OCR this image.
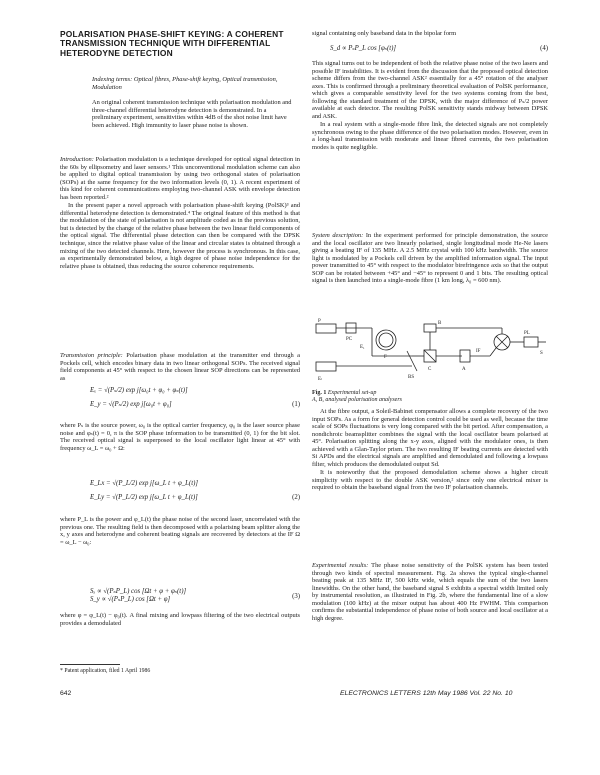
POLARISATION PHASE-SHIFT KEYING: A COHERENT TRANSMISSION TECHNIQUE WITH DIFFERENTIAL HETERODYNE DETECTION
Indexing terms: Optical fibres, Phase-shift keying, Optical transmission, Modulation
An original coherent transmission technique with polarisation modulation and three-channel differential heterodyne detection is demonstrated. In a preliminary experiment, sensitivities within 4dB of the shot noise limit have been achieved. High immunity to laser phase noise is shown.

Introduction: Polarisation modulation is a technique developed for optical signal detection in the 60s by ellipsometry and laser sensors.¹ This unconventional modulation scheme can also be applied to digital optical transmission by using two orthogonal states of polarisation (SOPs) at the same frequency for the two information levels (0, 1). A recent experiment of this kind for coherent communications employing two-channel ASK with envelope detection has been reported.²

In the present paper a novel approach with polarisation phase-shift keying (PolSK)³ and differential heterodyne detection is demonstrated.⁴ The original feature of this method is that the modulation of the state of polarisation is not amplitude coded as in the previous solution, but is detected by the change of the relative phase between the two linear field components of the optical signal. The differential phase detection can then be compared with the DPSK technique, since the relative phase value of the linear and circular states is obtained through a mixing of the two detected channels. Here, however the process is synchronous. In this case, as experimentally demonstrated below, a high degree of phase noise independence for the relative phase is obtained, thus reducing the source coherence requirements.

Transmission principle: Polarisation phase modulation at the transmitter end through a Pockels cell, which encodes binary data in two linear orthogonal SOPs. The received signal field components at 45° with respect to the chosen linear SOP directions can be represented as

Eₓ = √(Pₛ/2) exp j[ω₀t + φ₀ + φₛ(t)]
E_y = √(Pₛ/2) exp j[ω₀t + φ₀]	(1)

where Pₛ is the source power, ω₀ is the optical carrier frequency, φ₀ is the laser source phase noise and φₛ(t) = 0, π is the SOP phase information to be transmitted (0, 1) for the bit slot. The received optical signal is superposed to the local oscillator light linear at 45° with frequency ω_L = ω₀ + Ω:

E_Lx = √(P_L/2) exp j[ω_L t + φ_L(t)]
E_Ly = √(P_L/2) exp j[ω_L t + φ_L(t)]	(2)

where P_L is the power and φ_L(t) the phase noise of the second laser, uncorrelated with the previous one. The resulting field is then decomposed with a polarising beam splitter along the x, y axes and heterodyne and coherent beating signals are recovered by detectors at the IF Ω = ω_L − ω₀:

Sₓ ∝ √(PₛP_L) cos [Ωt + φ + φₛ(t)]
S_y ∝ √(PₛP_L) cos [Ωt + φ]	(3)

where φ = φ_L(t) − φ₀(t). A final mixing and lowpass filtering of the two electrical outputs provides a demodulated

* Patent application, filed 1 April 1986

signal containing only baseband data in the bipolar form

S_d ∝ PₛP_L cos [φₛ(t)]	(4)

This signal turns out to be independent of both the relative phase noise of the two lasers and possible IF instabilities. It is evident from the discussion that the proposed optical detection scheme differs from the two-channel ASK² essentially for a 45° rotation of the analyser axes. This is confirmed through a preliminary theoretical evaluation of PolSK performance, which gives a comparable sensitivity level for the two systems coming from the best, following the standard treatment of the DPSK, with the major difference of Pₛ/2 power available at each detector. The resulting PolSK sensitivity stands midway between DPSK and ASK.

In a real system with a single-mode fibre link, the detected signals are not completely synchronous owing to the phase difference of the two polarisation modes. However, even in a long-haul transmission with moderate and linear fibred currents, the two polarisation modes is quite negligible.

System description: In the experiment performed for principle demonstration, the source and the local oscillator are two linearly polarised, single longitudinal mode He-Ne lasers giving a beating IF of 135 MHz. A 2.5 MHz crystal with 100 kHz bandwidth. The source light is modulated by a Pockels cell driven by the amplified information signal. The input power transmitted to 45° with respect to the modulator birefringence axis so that the output SOP can be rotated between +45° and −45° to represent 0 and 1 bits. The resulting optical signal is then launched into a single-mode fibre (1 km long, λ₀ = 600 nm).

P
BS
PC
E₁
F
A
B
C
Eₗ
S
PL
IF
Fig. 1 Experimental set-up
A, B, analysed polarisation analysers

At the fibre output, a Soleil-Babinet compensator allows a complete recovery of the two input SOPs. As a form for general detection control could be used as well, because the time scale of SOPs fluctuations is very long compared with the bit period. After compensation, a nondichroic beamsplitter combines the signal with the local oscillator beam polarised at 45°. Polarisation splitting along the x-y axes, aligned with the modulator ones, is then achieved with a Glan-Taylor prism. The two resulting IF beating currents are detected with Si APDs and the electrical signals are amplified and demodulated and following a lowpass filter, which produces the demodulated output Sd.

It is noteworthy that the proposed demodulation scheme shows a higher circuit simplicity with respect to the double ASK version,² since only one electrical mixer is required to obtain the baseband signal from the two IF polarisation channels.

Experimental results: The phase noise sensitivity of the PolSK system has been tested through two kinds of spectral measurement. Fig. 2a shows the typical single-channel beating peak at 135 MHz IF, 500 kHz wide, which equals the sum of the two lasers linewidths. On the other hand, the baseband signal S exhibits a spectral width limited only by instrumental resolution, as illustrated in Fig. 2b, where the fundamental line of a slow modulation (100 kHz) at the mixer output has about 400 Hz FWHM. This comparison confirms the substantial independence of phase noise of both source and local oscillator at a high degree.

642	ELECTRONICS LETTERS 12th May 1986 Vol. 22 No. 10
